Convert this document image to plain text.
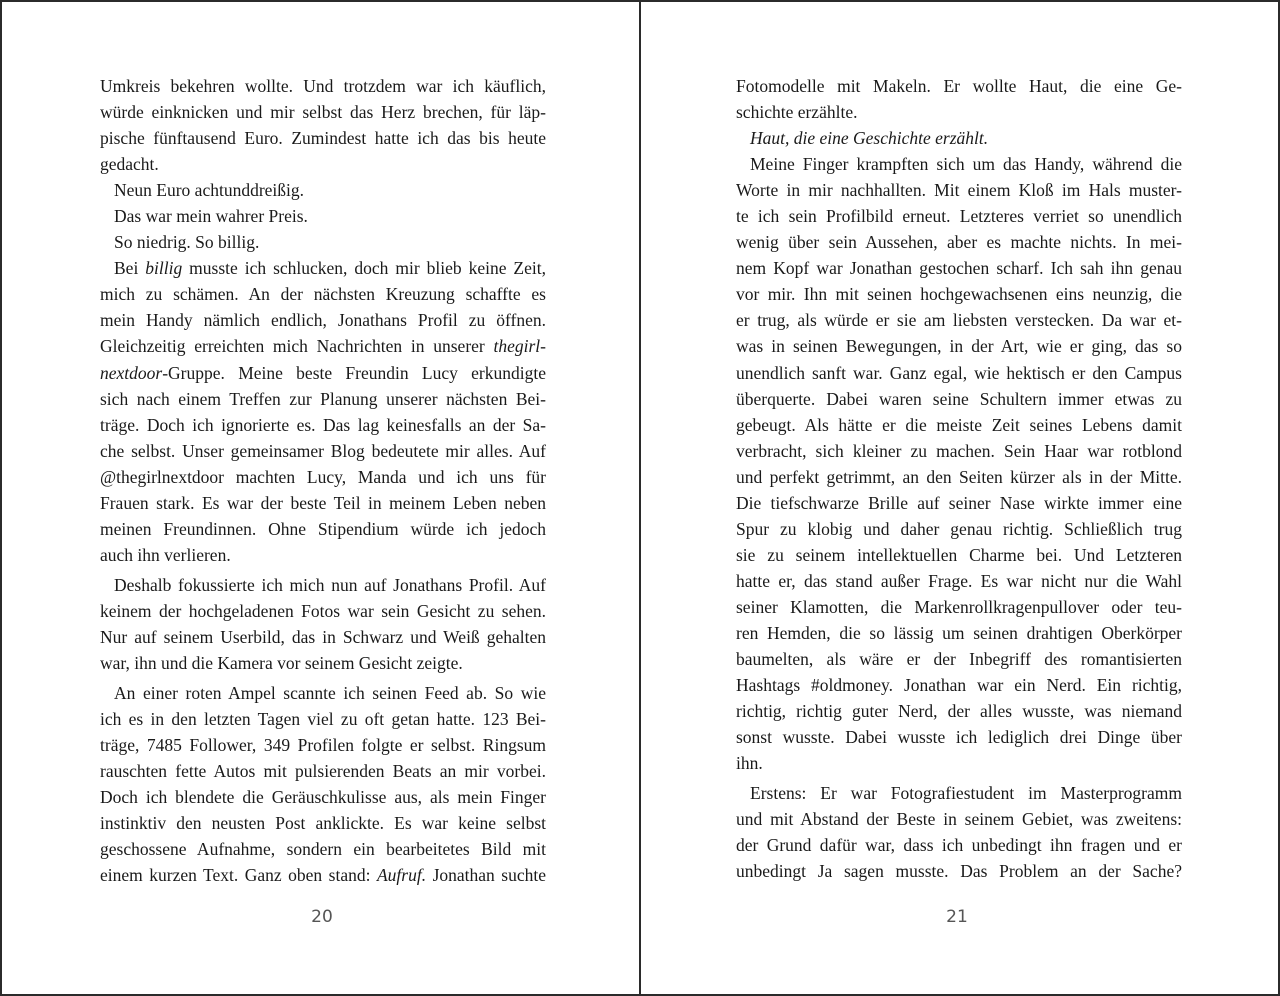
Umkreis bekehren wollte. Und trotzdem war ich käuflich,
würde einknicken und mir selbst das Herz brechen, für läp-
pische fünftausend Euro. Zumindest hatte ich das bis heute
gedacht.
Neun Euro achtunddreißig.
Das war mein wahrer Preis.
So niedrig. So billig.
Bei billig musste ich schlucken, doch mir blieb keine Zeit,
mich zu schämen. An der nächsten Kreuzung schaffte es
mein Handy nämlich endlich, Jonathans Profil zu öffnen.
Gleichzeitig erreichten mich Nachrichten in unserer thegirl-
nextdoor-Gruppe. Meine beste Freundin Lucy erkundigte
sich nach einem Treffen zur Planung unserer nächsten Bei-
träge. Doch ich ignorierte es. Das lag keinesfalls an der Sa-
che selbst. Unser gemeinsamer Blog bedeutete mir alles. Auf
@thegirlnextdoor machten Lucy, Manda und ich uns für
Frauen stark. Es war der beste Teil in meinem Leben neben
meinen Freundinnen. Ohne Stipendium würde ich jedoch
auch ihn verlieren.
Deshalb fokussierte ich mich nun auf Jonathans Profil. Auf
keinem der hochgeladenen Fotos war sein Gesicht zu sehen.
Nur auf seinem Userbild, das in Schwarz und Weiß gehalten
war, ihn und die Kamera vor seinem Gesicht zeigte.
An einer roten Ampel scannte ich seinen Feed ab. So wie
ich es in den letzten Tagen viel zu oft getan hatte. 123 Bei-
träge, 7485 Follower, 349 Profilen folgte er selbst. Ringsum
rauschten fette Autos mit pulsierenden Beats an mir vorbei.
Doch ich blendete die Geräuschkulisse aus, als mein Finger
instinktiv den neusten Post anklickte. Es war keine selbst
geschossene Aufnahme, sondern ein bearbeitetes Bild mit
einem kurzen Text. Ganz oben stand: Aufruf. Jonathan suchte
20
Fotomodelle mit Makeln. Er wollte Haut, die eine Ge-
schichte erzählte.
Haut, die eine Geschichte erzählt.
Meine Finger krampften sich um das Handy, während die
Worte in mir nachhallten. Mit einem Kloß im Hals muster-
te ich sein Profilbild erneut. Letzteres verriet so unendlich
wenig über sein Aussehen, aber es machte nichts. In mei-
nem Kopf war Jonathan gestochen scharf. Ich sah ihn genau
vor mir. Ihn mit seinen hochgewachsenen eins neunzig, die
er trug, als würde er sie am liebsten verstecken. Da war et-
was in seinen Bewegungen, in der Art, wie er ging, das so
unendlich sanft war. Ganz egal, wie hektisch er den Campus
überquerte. Dabei waren seine Schultern immer etwas zu
gebeugt. Als hätte er die meiste Zeit seines Lebens damit
verbracht, sich kleiner zu machen. Sein Haar war rotblond
und perfekt getrimmt, an den Seiten kürzer als in der Mitte.
Die tiefschwarze Brille auf seiner Nase wirkte immer eine
Spur zu klobig und daher genau richtig. Schließlich trug
sie zu seinem intellektuellen Charme bei. Und Letzteren
hatte er, das stand außer Frage. Es war nicht nur die Wahl
seiner Klamotten, die Markenrollkragenpullover oder teu-
ren Hemden, die so lässig um seinen drahtigen Oberkörper
baumelten, als wäre er der Inbegriff des romantisierten
Hashtags #oldmoney. Jonathan war ein Nerd. Ein richtig,
richtig, richtig guter Nerd, der alles wusste, was niemand
sonst wusste. Dabei wusste ich lediglich drei Dinge über
ihn.
Erstens: Er war Fotografiestudent im Masterprogramm
und mit Abstand der Beste in seinem Gebiet, was zweitens:
der Grund dafür war, dass ich unbedingt ihn fragen und er
unbedingt Ja sagen musste. Das Problem an der Sache?
21
